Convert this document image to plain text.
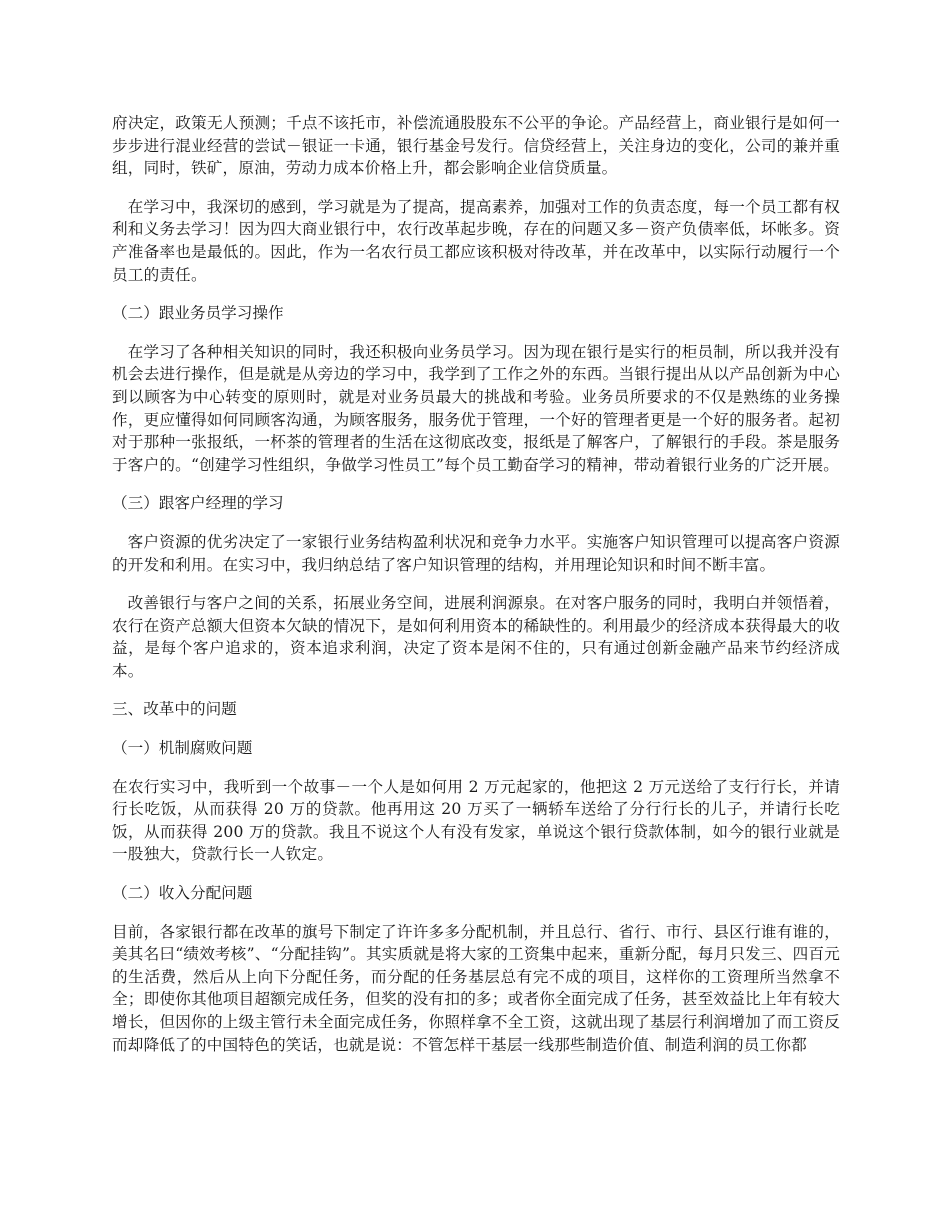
府决定，政策无人预测；千点不该托市，补偿流通股股东不公平的争论。产品经营上，商业银行是如何一步步进行混业经营的尝试－银证一卡通，银行基金号发行。信贷经营上，关注身边的变化，公司的兼并重组，同时，铁矿，原油，劳动力成本价格上升，都会影响企业信贷质量。

在学习中，我深切的感到，学习就是为了提高，提高素养，加强对工作的负责态度，每一个员工都有权利和义务去学习！因为四大商业银行中，农行改革起步晚，存在的问题又多－资产负债率低，坏帐多。资产准备率也是最低的。因此，作为一名农行员工都应该积极对待改革，并在改革中，以实际行动履行一个员工的责任。

（二）跟业务员学习操作

在学习了各种相关知识的同时，我还积极向业务员学习。因为现在银行是实行的柜员制，所以我并没有机会去进行操作，但是就是从旁边的学习中，我学到了工作之外的东西。当银行提出从以产品创新为中心到以顾客为中心转变的原则时，就是对业务员最大的挑战和考验。业务员所要求的不仅是熟练的业务操作，更应懂得如何同顾客沟通，为顾客服务，服务优于管理，一个好的管理者更是一个好的服务者。起初对于那种一张报纸，一杯茶的管理者的生活在这彻底改变，报纸是了解客户，了解银行的手段。茶是服务于客户的。“创建学习性组织，争做学习性员工”每个员工勤奋学习的精神，带动着银行业务的广泛开展。

（三）跟客户经理的学习

客户资源的优劣决定了一家银行业务结构盈利状况和竞争力水平。实施客户知识管理可以提高客户资源的开发和利用。在实习中，我归纳总结了客户知识管理的结构，并用理论知识和时间不断丰富。

改善银行与客户之间的关系，拓展业务空间，进展利润源泉。在对客户服务的同时，我明白并领悟着，农行在资产总额大但资本欠缺的情况下，是如何利用资本的稀缺性的。利用最少的经济成本获得最大的收益，是每个客户追求的，资本追求利润，决定了资本是闲不住的，只有通过创新金融产品来节约经济成本。

三、改革中的问题

（一）机制腐败问题

在农行实习中，我听到一个故事－一个人是如何用 2 万元起家的，他把这 2 万元送给了支行行长，并请行长吃饭，从而获得 20 万的贷款。他再用这 20 万买了一辆轿车送给了分行行长的儿子，并请行长吃饭，从而获得 200 万的贷款。我且不说这个人有没有发家，单说这个银行贷款体制，如今的银行业就是一股独大，贷款行长一人钦定。

（二）收入分配问题

目前，各家银行都在改革的旗号下制定了许许多多分配机制，并且总行、省行、市行、县区行谁有谁的，美其名曰“绩效考核”、“分配挂钩”。其实质就是将大家的工资集中起来，重新分配，每月只发三、四百元的生活费，然后从上向下分配任务，而分配的任务基层总有完不成的项目，这样你的工资理所当然拿不全；即使你其他项目超额完成任务，但奖的没有扣的多；或者你全面完成了任务，甚至效益比上年有较大增长，但因你的上级主管行未全面完成任务，你照样拿不全工资，这就出现了基层行利润增加了而工资反而却降低了的中国特色的笑话，也就是说：不管怎样干基层一线那些制造价值、制造利润的员工你都
